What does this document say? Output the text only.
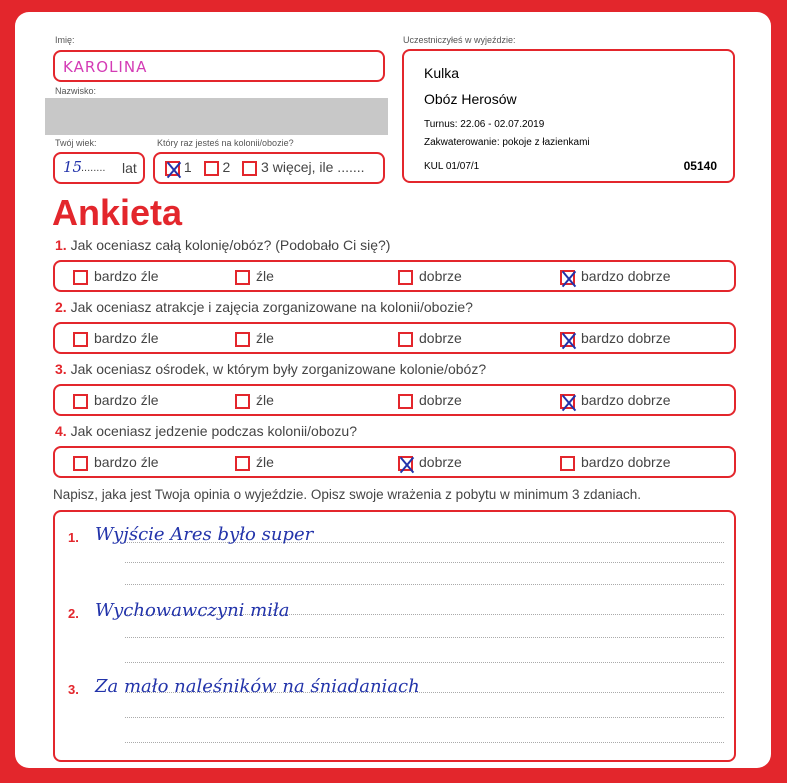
Imię:
KAROLINA
Nazwisko:
Twój wiek:
15
........ lat
Który raz jesteś na kolonii/obozie?
1 2 3 więcej, ile .......
Uczestniczyłeś w wyjeździe:
Kulka
Obóz Herosów
Turnus: 22.06 - 02.07.2019
Zakwaterowanie: pokoje z łazienkami
KUL 01/07/1	05140
Ankieta
1. Jak oceniasz całą kolonię/obóz? (Podobało Ci się?)
bardzo źle	źle	dobrze	bardzo dobrze
2. Jak oceniasz atrakcje i zajęcia zorganizowane na kolonii/obozie?
bardzo źle	źle	dobrze	bardzo dobrze
3. Jak oceniasz ośrodek, w którym były zorganizowane kolonie/obóz?
bardzo źle	źle	dobrze	bardzo dobrze
4. Jak oceniasz jedzenie podczas kolonii/obozu?
bardzo źle	źle	dobrze	bardzo dobrze
Napisz, jaka jest Twoja opinia o wyjeździe. Opisz swoje wrażenia z pobytu w minimum 3 zdaniach.
1. Wyjście Ares było super
2. Wychowawczyni miła
3. Za mało naleśników na śniadaniach
